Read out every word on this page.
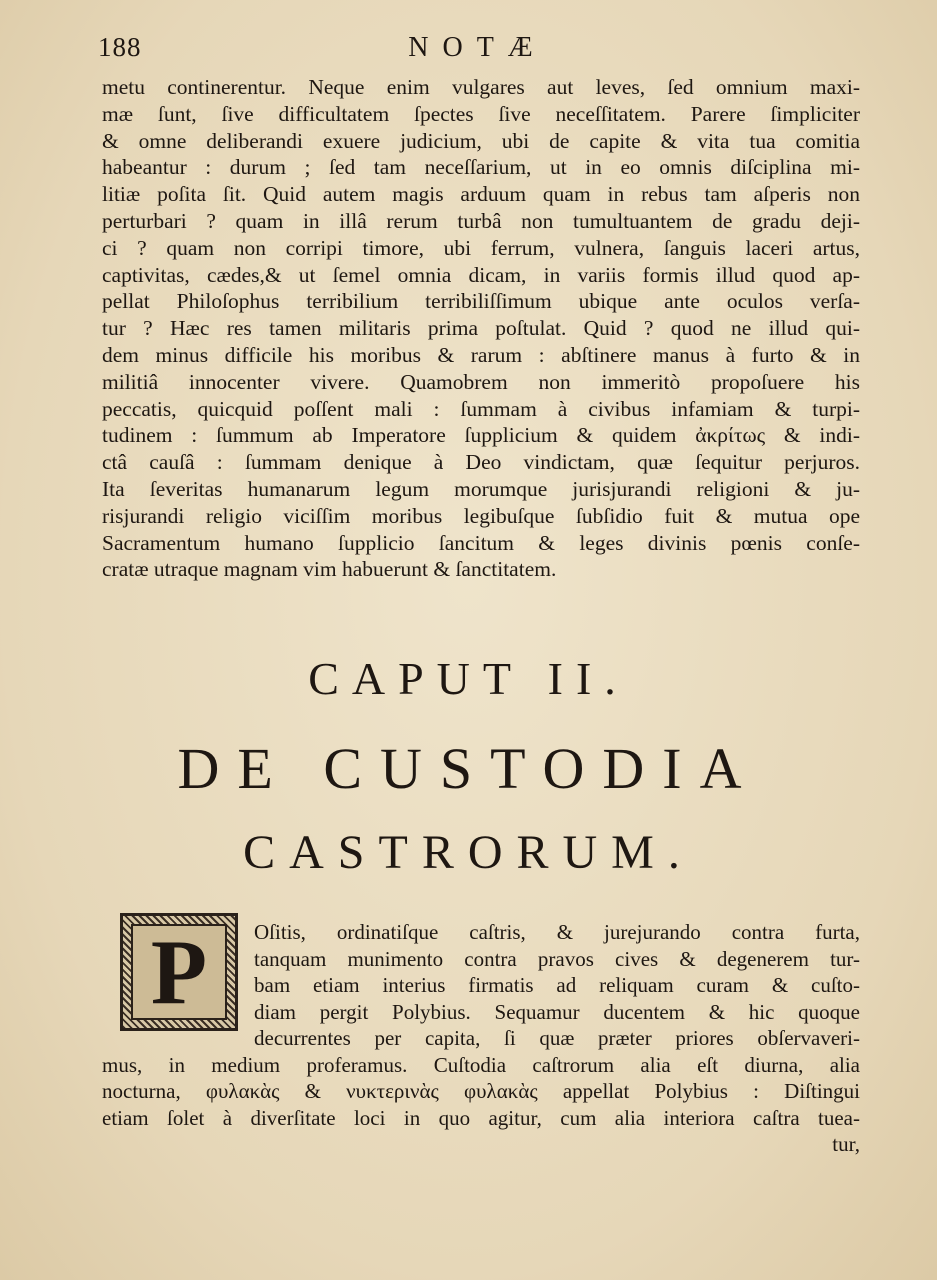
188	NOTÆ
metu continerentur. Neque enim vulgares aut leves, ſed omnium maxi-
mæ ſunt, ſive difficultatem ſpectes ſive neceſſitatem. Parere ſimpliciter
& omne deliberandi exuere judicium, ubi de capite & vita tua comitia
habeantur : durum ; ſed tam neceſſarium, ut in eo omnis diſciplina mi-
litiæ poſita ſit. Quid autem magis arduum quam in rebus tam aſperis non
perturbari ? quam in illâ rerum turbâ non tumultuantem de gradu deji-
ci ? quam non corripi timore, ubi ferrum, vulnera, ſanguis laceri artus,
captivitas, cædes,& ut ſemel omnia dicam, in variis formis illud quod ap-
pellat Philoſophus terribilium terribiliſſimum ubique ante oculos verſa-
tur ? Hæc res tamen militaris prima poſtulat. Quid ? quod ne illud qui-
dem minus difficile his moribus & rarum : abſtinere manus à furto & in
militiâ innocenter vivere. Quamobrem non immeritò propoſuere his
peccatis, quicquid poſſent mali : ſummam à civibus infamiam & turpi-
tudinem : ſummum ab Imperatore ſupplicium & quidem ἀκρίτως & indi-
ctâ cauſâ : ſummam denique à Deo vindictam, quæ ſequitur perjuros.
Ita ſeveritas humanarum legum morumque jurisjurandi religioni & ju-
risjurandi religio viciſſim moribus legibuſque ſubſidio fuit & mutua ope
Sacramentum humano ſupplicio ſancitum & leges divinis pœnis conſe-
cratæ utraque magnam vim habuerunt & ſanctitatem.
CAPUT II.
DE CUSTODIA
CASTRORUM.
P	Oſitis, ordinatiſque caſtris, & jurejurando contra furta,
tanquam munimento contra pravos cives & degenerem tur-
bam etiam interius firmatis ad reliquam curam & cuſto-
diam pergit Polybius. Sequamur ducentem & hic quoque
decurrentes per capita, ſi quæ præter priores obſervaveri-
mus, in medium proferamus. Cuſtodia caſtrorum alia eſt diurna, alia
nocturna, φυλακὰς & νυκτερινὰς φυλακὰς appellat Polybius : Diſtingui
etiam ſolet à diverſitate loci in quo agitur, cum alia interiora caſtra tuea-
tur,
